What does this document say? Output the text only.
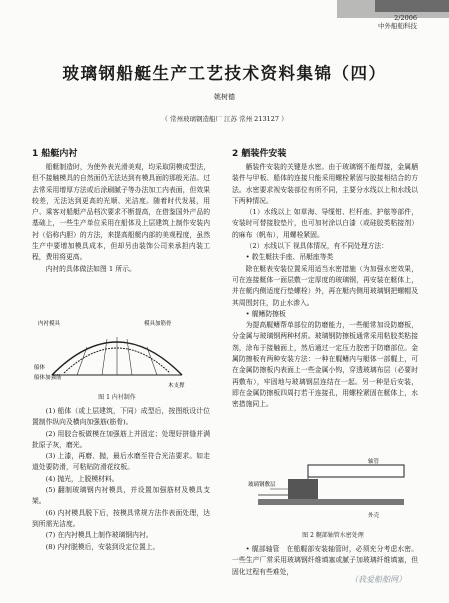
2/2006
中外船舶科技
玻璃钢船艇生产工艺技术资料集锦（四）
姚树德
（ 常州玻璃钢造船厂 江苏 常州 213127 ）
1 船艇内衬

船艇制造时，为使外表光滑美观，均采取阴模成型法，但不接触模具的自然面仍无法达到有模具面的那般光洁。过去常采用增厚方法或后涂刷腻子等办法加工内表面，但效果较差，无法达到更高的光顺、光洁度。随着时代发展，用户、乘客对船艇产品档次要求不断提高，在借鉴国外产品的基础上，一些生产单位采用在船体及上层建筑上制作安装内衬（俗称内胆）的方法，来提高船艇内部的美观程度，虽然生产中要增加模具成本，但却另由装饰公司来承担内装工程，费用将更高。

内衬的具体做法如图 1 所示。

内衬模具	模具加筋骨
船体
船体加强筋
木支撑
图 1 内衬制作

(1) 船体（或上层建筑，下同）成型后，按图纸设计位置制作纵向及横向加强筋(筋骨)。

(2) 用胶合板做模在加强筋上并固定；处理好拼缝并满批原子灰，磨光。

(3) 上漆，再磨、抛，最后水磨至符合光洁要求。如走道处要防滑，可粘贴防滑花纹板。

(4) 抛光，上脱模材料。

(5) 翻制玻璃钢内衬模具，并设置加强筋材及模具支架。

(6) 内衬模具脱下后，按模具常规方法作表面处理，达到所需光洁度。

(7) 在内衬模具上制作玻璃钢内衬。

(8) 内衬脱模后，安装到设定位置上。

2 舾装件安装

舾装件安装的关键是水密。由于玻璃钢不能焊接，金属舾装件与甲板、船体的连接只能采用螺栓紧固与胶接相结合的方法。水密要求视安装部位有所不同，主要分水线以上和水线以下两种情况。

（1）水线以上 如草海、导缆钳、栏杆座、护舷等部件，安装时可替接胶垫片，也可加衬涂以白漆（或硅胶类粘接剂）的麻布（帆布），用螺栓紧固。

（2）水线以下 视具体情况，有不同处理方法：

• 救生艇扶手座、吊艇座等类

除在艇表安装位置采用适当水密措施（为加强水密效果，可在连接艇体一面层敷一定厚度的玻璃钢，再安装在艇体上，并在艇内侧适度行垫螺栓）外，再在艇内侧用玻璃钢把螺帽及其周围封住，防止水渗入。

• 艉鳍防擦板

为提高艉鳍帮单部位的防磨能力，一些艇常加设防磨板，分金属与玻璃钢两种材质。玻璃钢防擦板通常采用粘胶类粘接剂，涂布于接触面上，然后通过一定压力胶密于防磨部位。金属防擦板有两种安装方法：一种在艉鳍内与艇体一部艉上，可在金属防擦板内表面上一些金属小钩，穿透玻璃布层（必要时再敷布），牢固地与玻璃钢层连结在一起。另一种是后安装，即在金属防擦板四周打若干连接孔，用螺栓紧固在艇体上，水密措施同上。

轴管
玻璃钢敷层
外壳
图 2 艉部轴管水密处理

• 艉部轴管　 在船艉部安装轴管时，必须充分考虑水密。一些生产厂常采用玻璃钢纤维填塞或腻子加玻璃纤维填塞，但固化过程有些难处，

（我爱船舶网）
